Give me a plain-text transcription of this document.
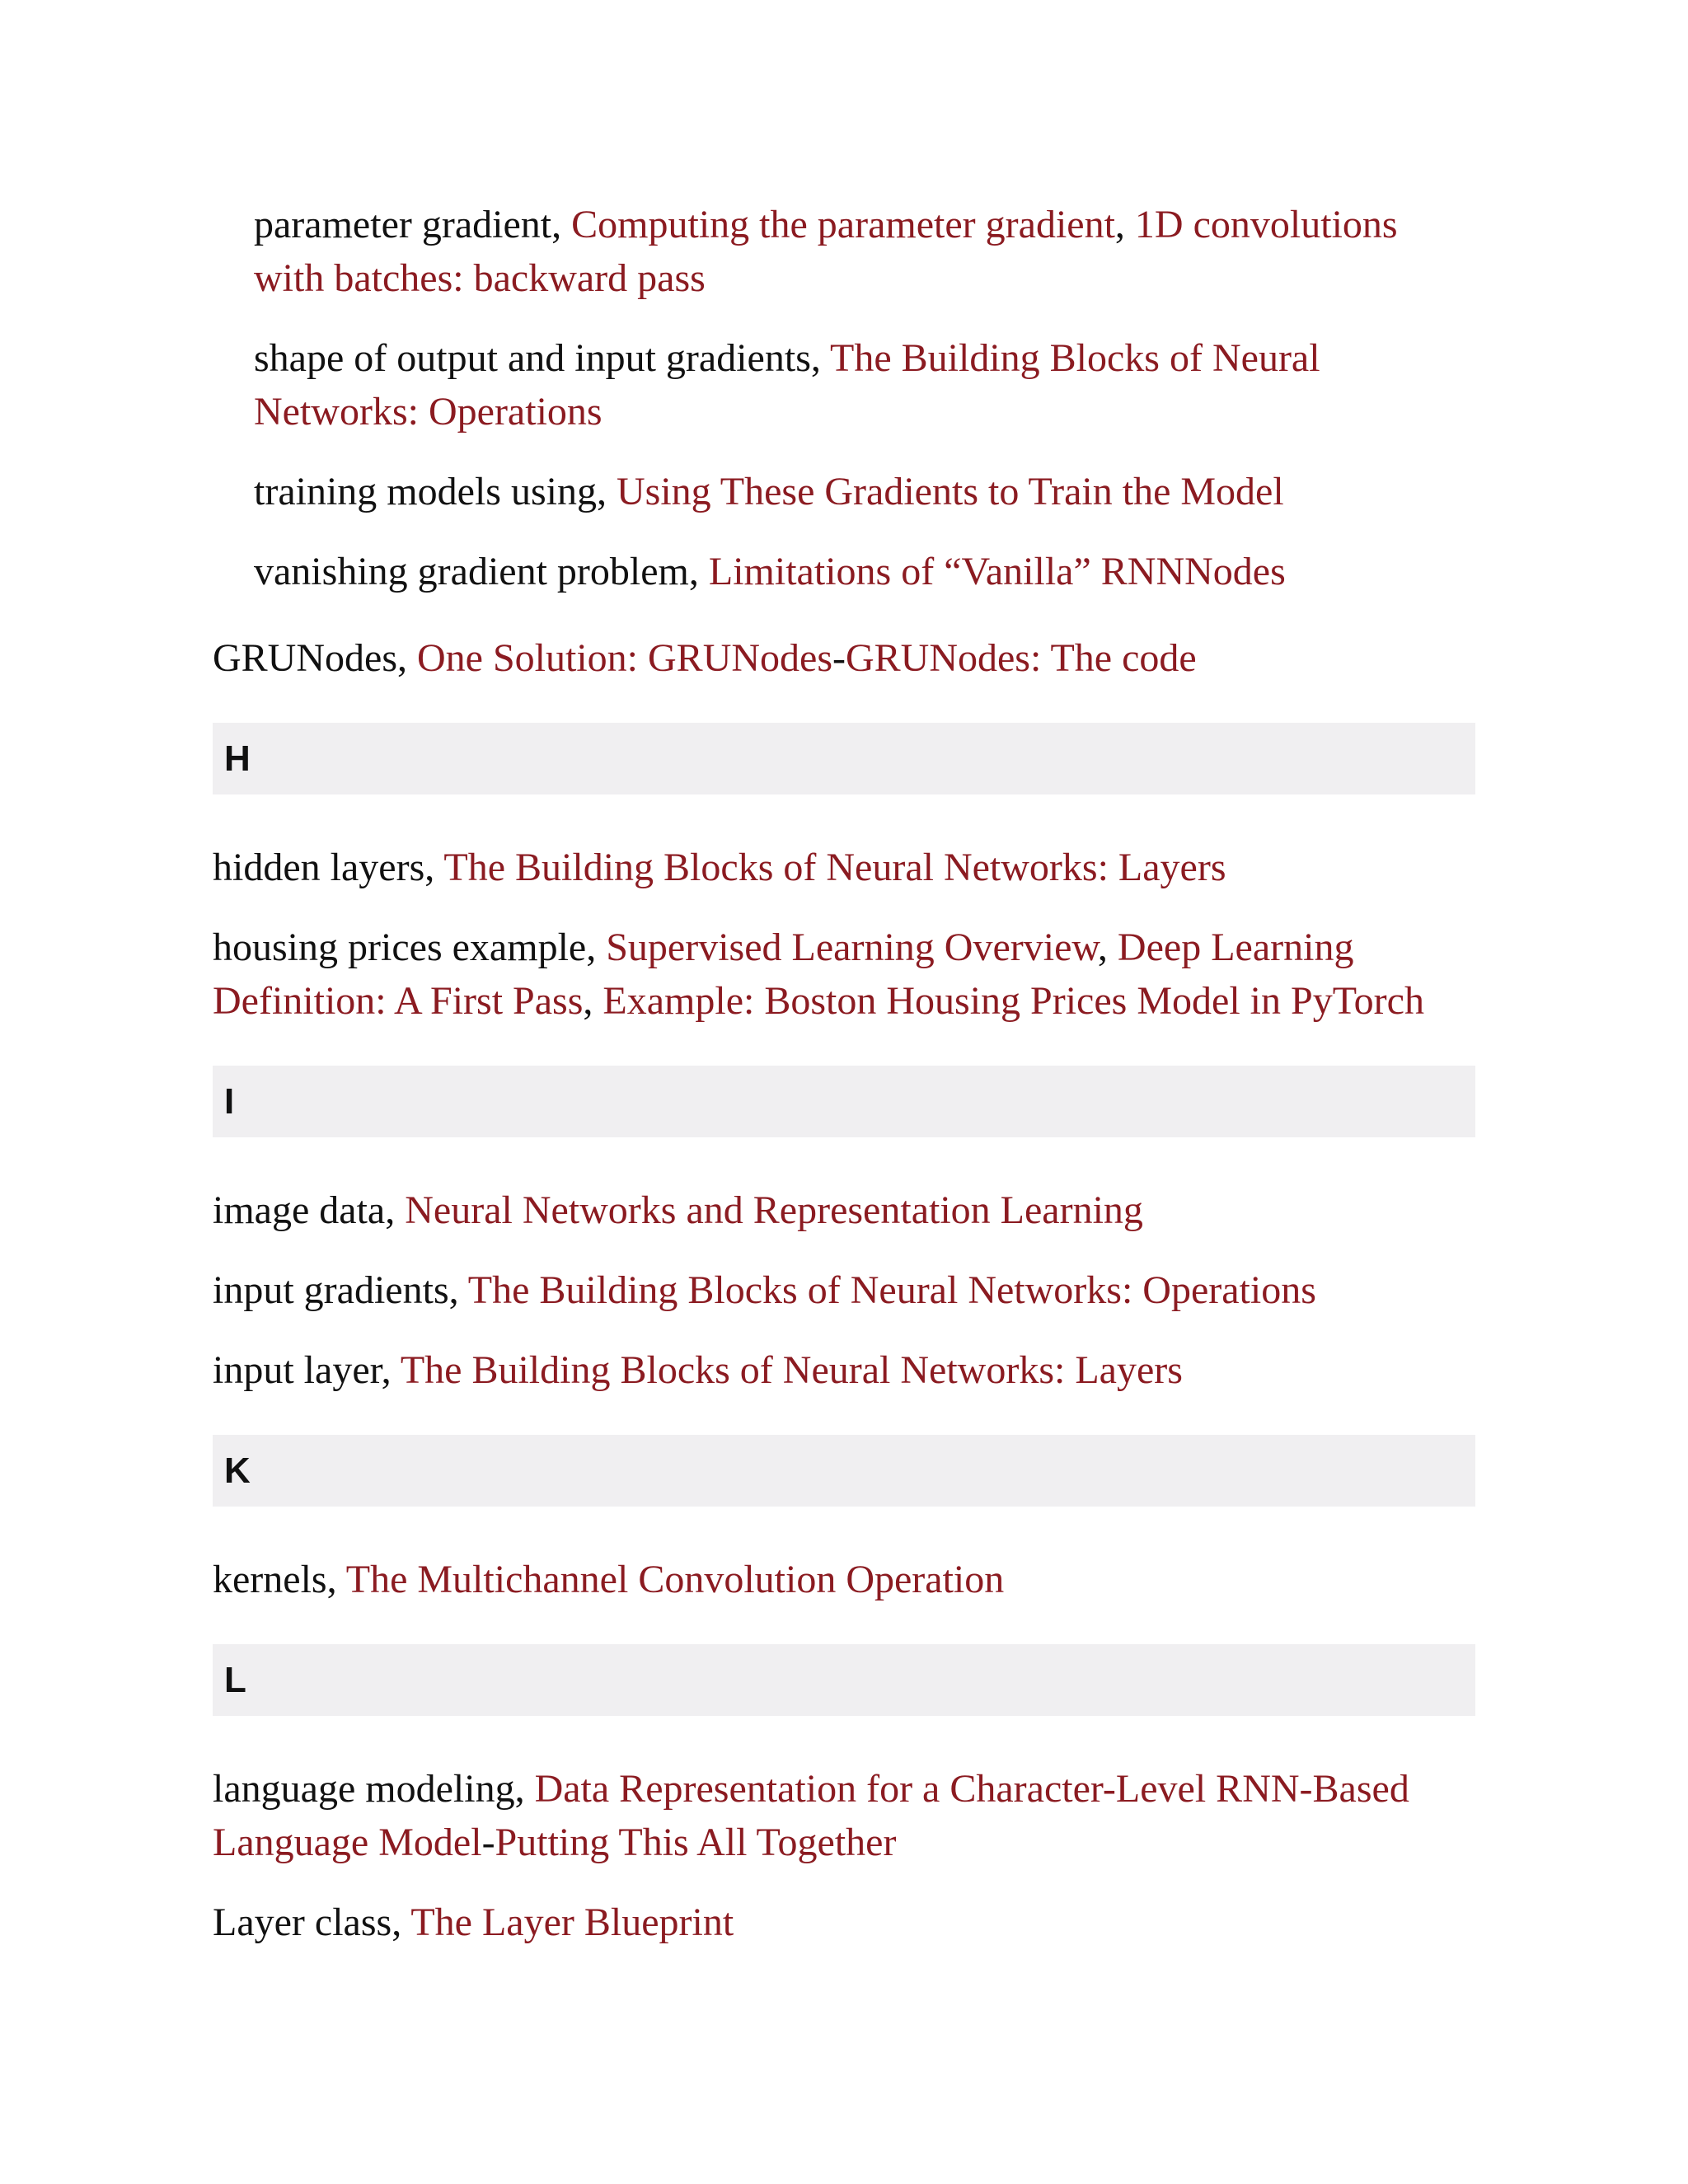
parameter gradient, Computing the parameter gradient, 1D convolutions with batches: backward pass

shape of output and input gradients, The Building Blocks of Neural Networks: Operations

training models using, Using These Gradients to Train the Model

vanishing gradient problem, Limitations of “Vanilla” RNNNodes

GRUNodes, One Solution: GRUNodes-GRUNodes: The code

H

hidden layers, The Building Blocks of Neural Networks: Layers

housing prices example, Supervised Learning Overview, Deep Learning Definition: A First Pass, Example: Boston Housing Prices Model in PyTorch

I

image data, Neural Networks and Representation Learning

input gradients, The Building Blocks of Neural Networks: Operations

input layer, The Building Blocks of Neural Networks: Layers

K

kernels, The Multichannel Convolution Operation

L

language modeling, Data Representation for a Character-Level RNN-Based Language Model-Putting This All Together

Layer class, The Layer Blueprint
